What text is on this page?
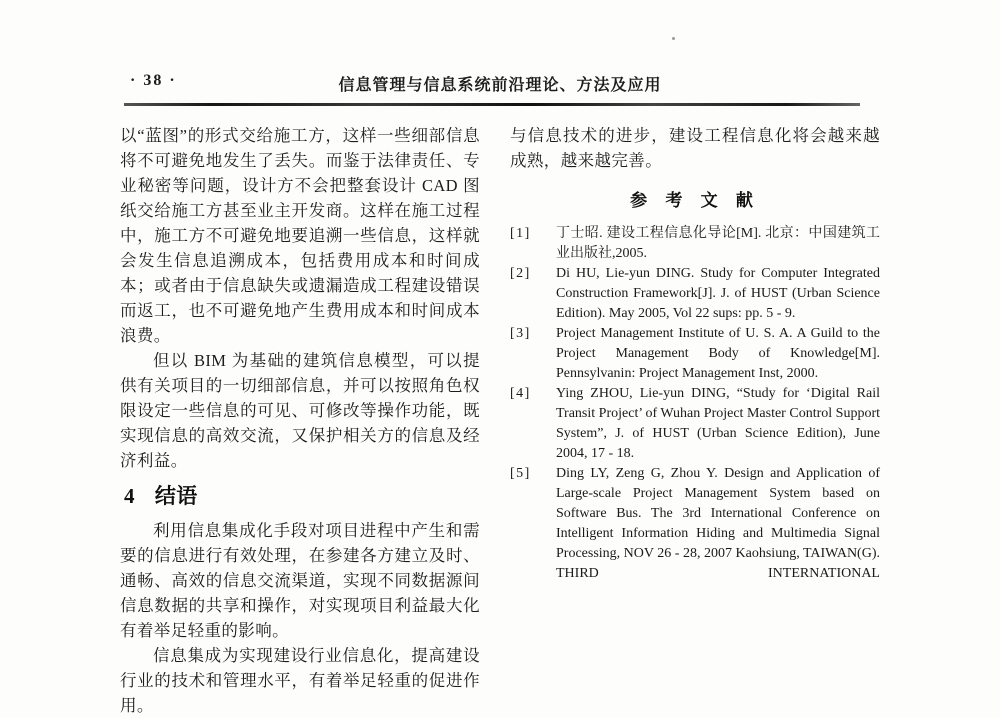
· 38 ·	信息管理与信息系统前沿理论、方法及应用

以“蓝图”的形式交给施工方，这样一些细部信息将不可避免地发生了丢失。而鉴于法律责任、专业秘密等问题，设计方不会把整套设计 CAD 图纸交给施工方甚至业主开发商。这样在施工过程中，施工方不可避免地要追溯一些信息，这样就会发生信息追溯成本，包括费用成本和时间成本；或者由于信息缺失或遗漏造成工程建设错误而返工，也不可避免地产生费用成本和时间成本浪费。

但以 BIM 为基础的建筑信息模型，可以提供有关项目的一切细部信息，并可以按照角色权限设定一些信息的可见、可修改等操作功能，既实现信息的高效交流，又保护相关方的信息及经济利益。

4 结语

利用信息集成化手段对项目进程中产生和需要的信息进行有效处理，在参建各方建立及时、通畅、高效的信息交流渠道，实现不同数据源间信息数据的共享和操作，对实现项目利益最大化有着举足轻重的影响。

信息集成为实现建设行业信息化，提高建设行业的技术和管理水平，有着举足轻重的促进作用。

与信息技术的进步，建设工程信息化将会越来越成熟，越来越完善。

参 考 文 献
[1]	丁士昭. 建设工程信息化导论[M]. 北京：中国建筑工业出版社,2005.
[2]	Di HU, Lie-yun DING. Study for Computer Integrated Construction Framework[J]. J. of HUST (Urban Science Edition). May 2005, Vol 22 sups: pp. 5 - 9.
[3]	Project Management Institute of U. S. A. A Guild to the Project Management Body of Knowledge[M]. Pennsylvanin: Project Management Inst, 2000.
[4]	Ying ZHOU, Lie-yun DING, “Study for ‘Digital Rail Transit Project’ of Wuhan Project Master Control Support System”, J. of HUST (Urban Science Edition), June 2004, 17 - 18.
[5]	Ding LY, Zeng G, Zhou Y. Design and Application of Large-scale Project Management System based on Software Bus. The 3rd International Conference on Intelligent Information Hiding and Multimedia Signal Processing, NOV 26 - 28, 2007 Kaohsiung, TAIWAN(G). THIRD INTERNATIONAL
